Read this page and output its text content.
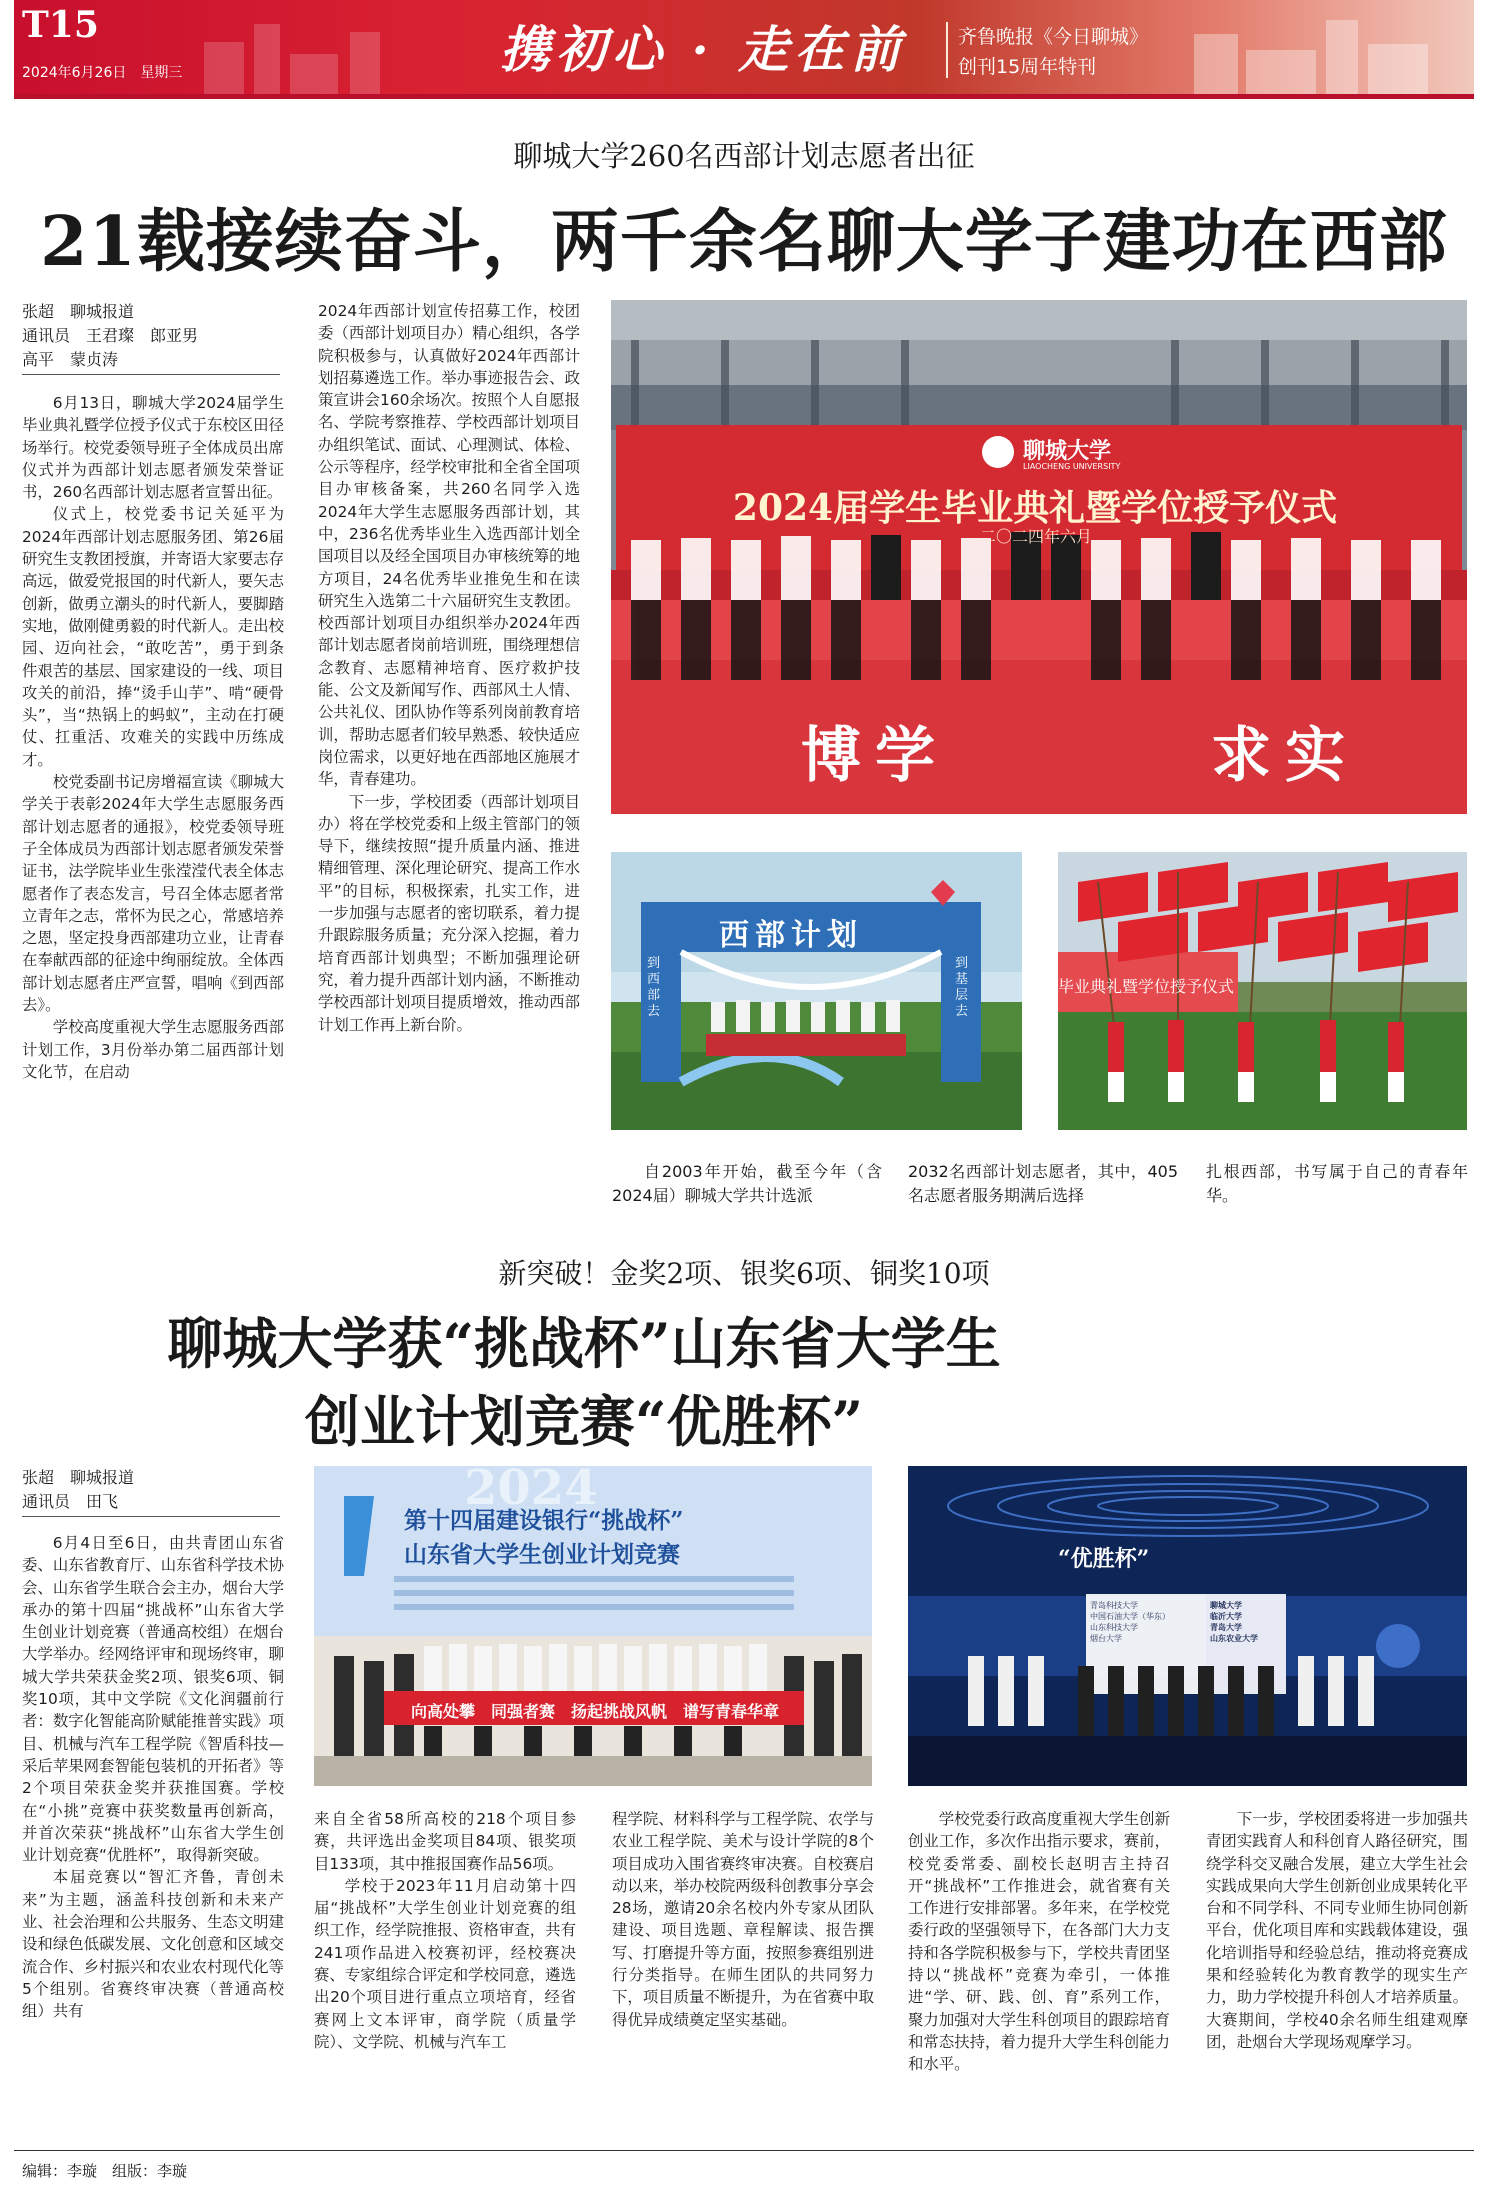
T15
2024年6月26日　星期三	携初心 · 走在前	齐鲁晚报《今日聊城》
创刊15周年特刊
聊城大学260名西部计划志愿者出征
21载接续奋斗，两千余名聊大学子建功在西部
张超　聊城报道
通讯员　王君璨　郎亚男
高平　蒙贞涛

6月13日，聊城大学2024届学生毕业典礼暨学位授予仪式于东校区田径场举行。校党委领导班子全体成员出席仪式并为西部计划志愿者颁发荣誉证书，260名西部计划志愿者宣誓出征。

仪式上，校党委书记关延平为2024年西部计划志愿服务团、第26届研究生支教团授旗，并寄语大家要志存高远，做爱党报国的时代新人，要矢志创新，做勇立潮头的时代新人，要脚踏实地，做刚健勇毅的时代新人。走出校园、迈向社会，“敢吃苦”，勇于到条件艰苦的基层、国家建设的一线、项目攻关的前沿，捧“烫手山芋”、啃“硬骨头”，当“热锅上的蚂蚁”，主动在打硬仗、扛重活、攻难关的实践中历练成才。

校党委副书记房增福宣读《聊城大学关于表彰2024年大学生志愿服务西部计划志愿者的通报》，校党委领导班子全体成员为西部计划志愿者颁发荣誉证书，法学院毕业生张滢滢代表全体志愿者作了表态发言，号召全体志愿者常立青年之志，常怀为民之心，常感培养之恩，坚定投身西部建功立业，让青春在奉献西部的征途中绚丽绽放。全体西部计划志愿者庄严宣誓，唱响《到西部去》。

学校高度重视大学生志愿服务西部计划工作，3月份举办第二届西部计划文化节，在启动

2024年西部计划宣传招募工作，校团委（西部计划项目办）精心组织，各学院积极参与，认真做好2024年西部计划招募遴选工作。举办事迹报告会、政策宣讲会160余场次。按照个人自愿报名、学院考察推荐、学校西部计划项目办组织笔试、面试、心理测试、体检、公示等程序，经学校审批和全省全国项目办审核备案，共260名同学入选2024年大学生志愿服务西部计划，其中，236名优秀毕业生入选西部计划全国项目以及经全国项目办审核统筹的地方项目，24名优秀毕业推免生和在读研究生入选第二十六届研究生支教团。校西部计划项目办组织举办2024年西部计划志愿者岗前培训班，围绕理想信念教育、志愿精神培育、医疗救护技能、公文及新闻写作、西部风土人情、公共礼仪、团队协作等系列岗前教育培训，帮助志愿者们较早熟悉、较快适应岗位需求，以更好地在西部地区施展才华，青春建功。

下一步，学校团委（西部计划项目办）将在学校党委和上级主管部门的领导下，继续按照“提升质量内涵、推进精细管理、深化理论研究、提高工作水平”的目标，积极探索，扎实工作，进一步加强与志愿者的密切联系，着力提升跟踪服务质量；充分深入挖掘，着力培育西部计划典型；不断加强理论研究，着力提升西部计划内涵，不断推动学校西部计划项目提质增效，推动西部计划工作再上新台阶。

聊城大学
LIAOCHENG UNIVERSITY
2024届学生毕业典礼暨学位授予仪式
二〇二四年六月
博学	求实
西部计划
到西部去
到基层去
毕业典礼暨学位授予仪式

自2003年开始，截至今年（含2024届）聊城大学共计选派

2032名西部计划志愿者，其中，405名志愿者服务期满后选择

扎根西部，书写属于自己的青春年华。

新突破！金奖2项、银奖6项、铜奖10项
聊城大学获“挑战杯”山东省大学生
创业计划竞赛“优胜杯”
张超　聊城报道
通讯员　田飞

6月4日至6日，由共青团山东省委、山东省教育厅、山东省科学技术协会、山东省学生联合会主办，烟台大学承办的第十四届“挑战杯”山东省大学生创业计划竞赛（普通高校组）在烟台大学举办。经网络评审和现场终审，聊城大学共荣获金奖2项、银奖6项、铜奖10项，其中文学院《文化润疆前行者：数字化智能高阶赋能推普实践》项目、机械与汽车工程学院《智盾科技—采后苹果网套智能包装机的开拓者》等2个项目荣获金奖并获推国赛。学校在“小挑”竞赛中获奖数量再创新高，并首次荣获“挑战杯”山东省大学生创业计划竞赛“优胜杯”，取得新突破。

本届竞赛以“智汇齐鲁，青创未来”为主题，涵盖科技创新和未来产业、社会治理和公共服务、生态文明建设和绿色低碳发展、文化创意和区域交流合作、乡村振兴和农业农村现代化等5个组别。省赛终审决赛（普通高校组）共有

2024
第十四届建设银行“挑战杯”
山东省大学生创业计划竞赛
向高处攀　同强者赛　扬起挑战风帆　谱写青春华章
“优胜杯”
青岛科技大学
中国石油大学（华东）
山东科技大学
烟台大学
聊城大学
临沂大学
青岛大学
山东农业大学

来自全省58所高校的218个项目参赛，共评选出金奖项目84项、银奖项目133项，其中推报国赛作品56项。

学校于2023年11月启动第十四届“挑战杯”大学生创业计划竞赛的组织工作，经学院推报、资格审查，共有241项作品进入校赛初评，经校赛决赛、专家组综合评定和学校同意，遴选出20个项目进行重点立项培育，经省赛网上文本评审，商学院（质量学院）、文学院、机械与汽车工

程学院、材料科学与工程学院、农学与农业工程学院、美术与设计学院的8个项目成功入围省赛终审决赛。自校赛启动以来，举办校院两级科创教事分享会28场，邀请20余名校内外专家从团队建设、项目选题、章程解读、报告撰写、打磨提升等方面，按照参赛组别进行分类指导。在师生团队的共同努力下，项目质量不断提升，为在省赛中取得优异成绩奠定坚实基础。

学校党委行政高度重视大学生创新创业工作，多次作出指示要求，赛前，校党委常委、副校长赵明吉主持召开“挑战杯”工作推进会，就省赛有关工作进行安排部署。多年来，在学校党委行政的坚强领导下，在各部门大力支持和各学院积极参与下，学校共青团坚持以“挑战杯”竞赛为牵引，一体推进“学、研、践、创、育”系列工作，聚力加强对大学生科创项目的跟踪培育和常态扶持，着力提升大学生科创能力和水平。

下一步，学校团委将进一步加强共青团实践育人和科创育人路径研究，围绕学科交叉融合发展，建立大学生社会实践成果向大学生创新创业成果转化平台和不同学科、不同专业师生协同创新平台，优化项目库和实践载体建设，强化培训指导和经验总结，推动将竞赛成果和经验转化为教育教学的现实生产力，助力学校提升科创人才培养质量。大赛期间，学校40余名师生组建观摩团，赴烟台大学现场观摩学习。

编辑：李璇　组版：李璇
